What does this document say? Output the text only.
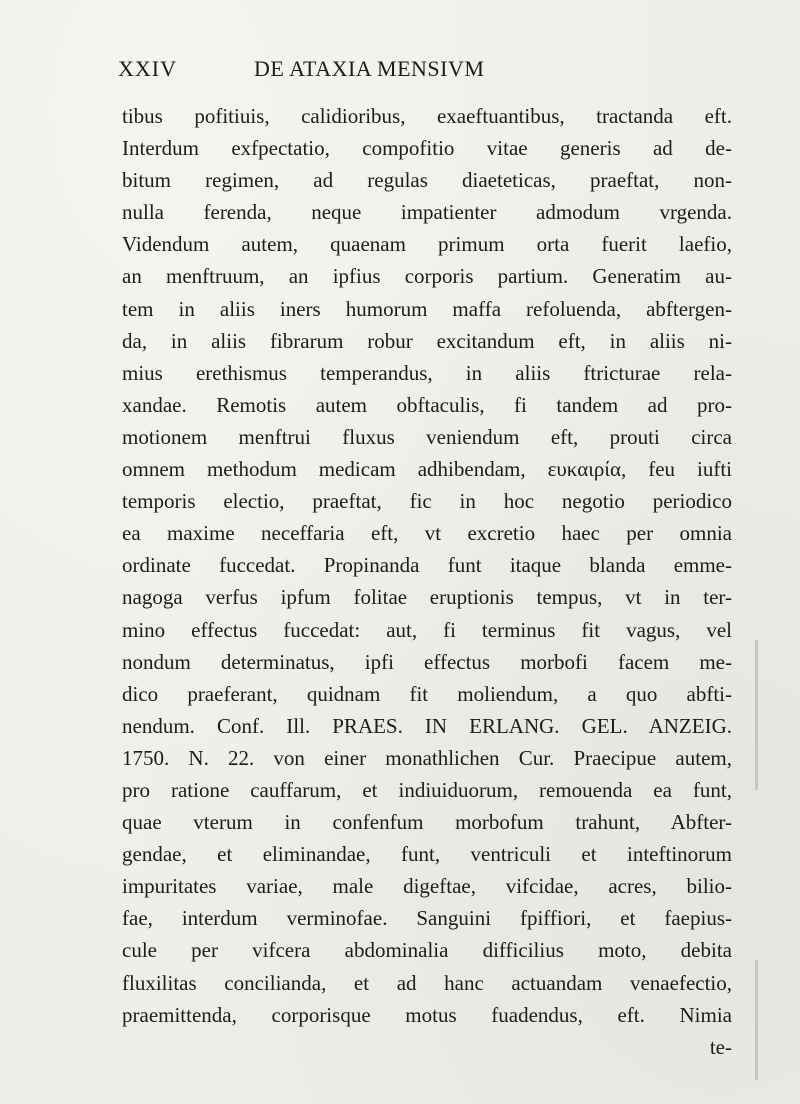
XXIV	DE ATAXIA MENSIVM
tibus pofitiuis, calidioribus, exaeftuantibus, tractanda eft.
Interdum exfpectatio, compofitio vitae generis ad de-
bitum regimen, ad regulas diaeteticas, praeftat, non-
nulla ferenda, neque impatienter admodum vrgenda.
Videndum autem, quaenam primum orta fuerit laefio,
an menftruum, an ipfius corporis partium. Generatim au-
tem in aliis iners humorum maffa refoluenda, abftergen-
da, in aliis fibrarum robur excitandum eft, in aliis ni-
mius erethismus temperandus, in aliis ftricturae rela-
xandae. Remotis autem obftaculis, fi tandem ad pro-
motionem menftrui fluxus veniendum eft, prouti circa
omnem methodum medicam adhibendam, ευκαιρία, feu iufti
temporis electio, praeftat, fic in hoc negotio periodico
ea maxime neceffaria eft, vt excretio haec per omnia
ordinate fuccedat. Propinanda funt itaque blanda emme-
nagoga verfus ipfum folitae eruptionis tempus, vt in ter-
mino effectus fuccedat: aut, fi terminus fit vagus, vel
nondum determinatus, ipfi effectus morbofi facem me-
dico praeferant, quidnam fit moliendum, a quo abfti-
nendum. Conf. Ill. PRAES. IN ERLANG. GEL. ANZEIG.
1750. N. 22. von einer monathlichen Cur. Praecipue autem,
pro ratione cauffarum, et indiuiduorum, remouenda ea funt,
quae vterum in confenfum morbofum trahunt, Abfter-
gendae, et eliminandae, funt, ventriculi et inteftinorum
impuritates variae, male digeftae, vifcidae, acres, bilio-
fae, interdum verminofae. Sanguini fpiffiori, et faepius-
cule per vifcera abdominalia difficilius moto, debita
fluxilitas concilianda, et ad hanc actuandam venaefectio,
praemittenda, corporisque motus fuadendus, eft. Nimia
te-
